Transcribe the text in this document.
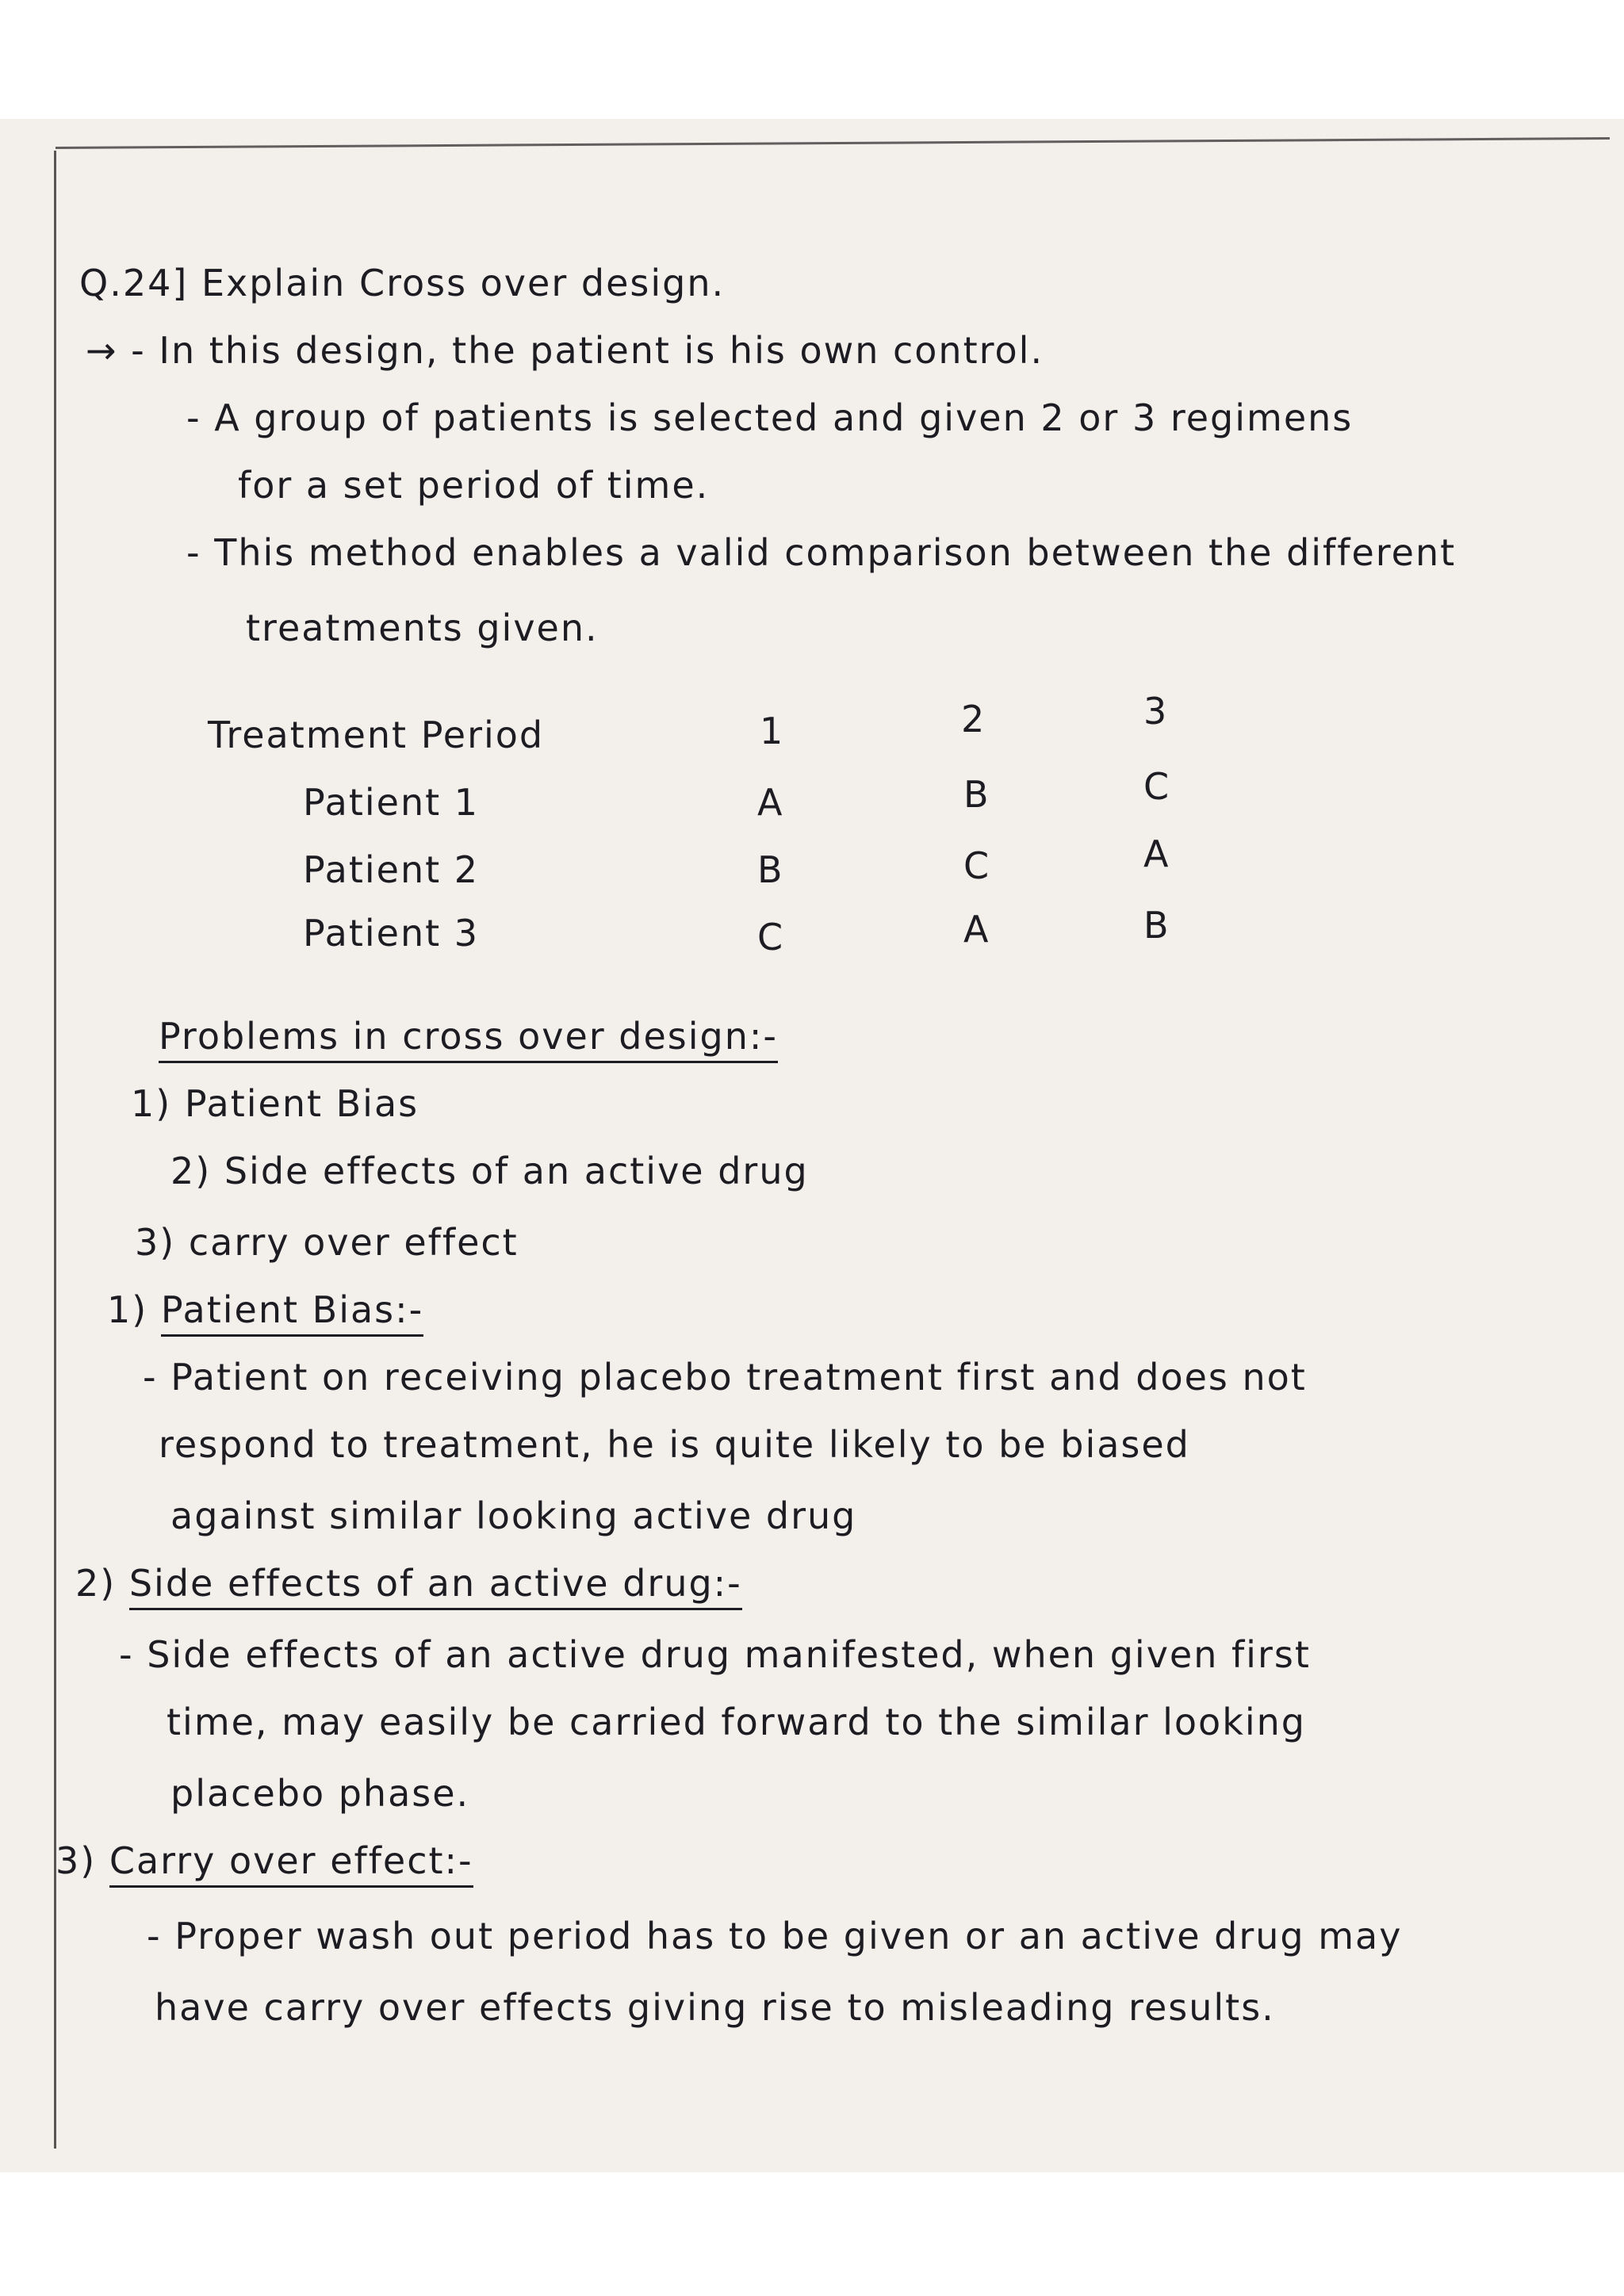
Q.24] Explain Cross over design.
→ - In this design, the patient is his own control.
- A group of patients is selected and given 2 or 3 regimens
for a set period of time.
- This method enables a valid comparison between the different
treatments given.
Treatment Period	1	2	3
Patient 1	A	B	C
Patient 2	B	C	A
Patient 3	C	A	B
Problems in cross over design:-
1) Patient Bias
2) Side effects of an active drug
3) carry over effect
1) Patient Bias:-
- Patient on receiving placebo treatment first and does not
respond to treatment, he is quite likely to be biased
against similar looking active drug
2) Side effects of an active drug:-
- Side effects of an active drug manifested, when given first
time, may easily be carried forward to the similar looking
placebo phase.
3) Carry over effect:-
- Proper wash out period has to be given or an active drug may
have carry over effects giving rise to misleading results.
